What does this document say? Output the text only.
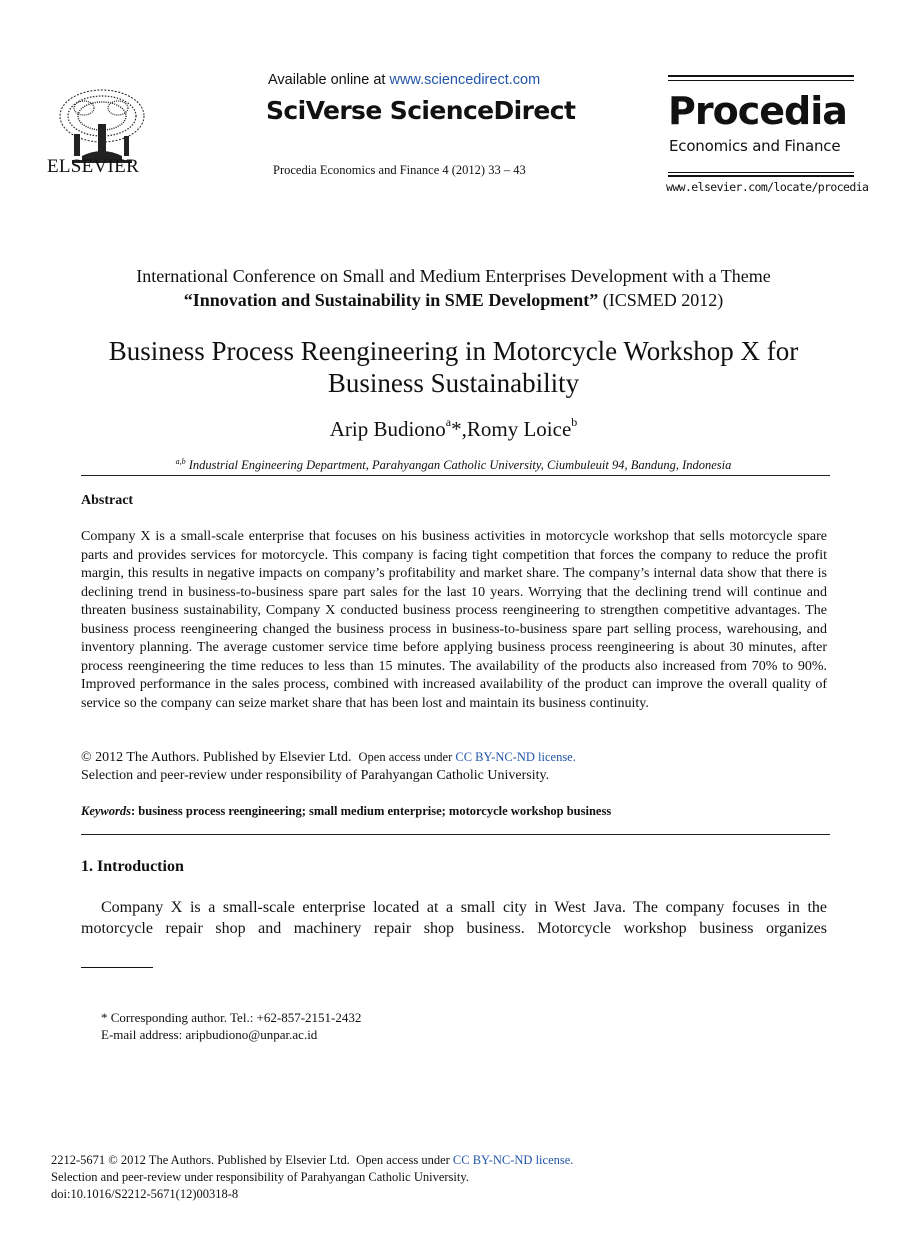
ELSEVIER
Available online at www.sciencedirect.com
SciVerse ScienceDirect
Procedia Economics and Finance 4 (2012) 33 – 43
Procedia
Economics and Finance
www.elsevier.com/locate/procedia
International Conference on Small and Medium Enterprises Development with a Theme
“Innovation and Sustainability in SME Development” (ICSMED 2012)
Business Process Reengineering in Motorcycle Workshop X for Business Sustainability
Arip Budiono$^a$*,Romy Loice$^b$
$^{a,b}$ Industrial Engineering Department, Parahyangan Catholic University, Ciumbuleuit 94, Bandung, Indonesia
Abstract
Company X is a small-scale enterprise that focuses on his business activities in motorcycle workshop that sells motorcycle spare parts and provides services for motorcycle. This company is facing tight competition that forces the company to reduce the profit margin, this results in negative impacts on company’s profitability and market share. The company’s internal data show that there is declining trend in business-to-business spare part sales for the last 10 years. Worrying that the declining trend will continue and threaten business sustainability, Company X conducted business process reengineering to strengthen competitive advantages. The business process reengineering changed the business process in business-to-business spare part selling process, warehousing, and inventory planning. The average customer service time before applying business process reengineering is about 30 minutes, after process reengineering the time reduces to less than 15 minutes. The availability of the products also increased from 70% to 90%. Improved performance in the sales process, combined with increased availability of the product can improve the overall quality of service so the company can seize market share that has been lost and maintain its business continuity.
© 2012 The Authors. Published by Elsevier Ltd. Open access under CC BY-NC-ND license.
Selection and peer-review under responsibility of Parahyangan Catholic University.
Keywords: business process reengineering; small medium enterprise; motorcycle workshop business
1. Introduction
Company X is a small-scale enterprise located at a small city in West Java. The company focuses in the motorcycle repair shop and machinery repair shop business. Motorcycle workshop business organizes
* Corresponding author. Tel.: +62-857-2151-2432
E-mail address: aripbudiono@unpar.ac.id
2212-5671 © 2012 The Authors. Published by Elsevier Ltd. Open access under CC BY-NC-ND license.
Selection and peer-review under responsibility of Parahyangan Catholic University.
doi:10.1016/S2212-5671(12)00318-8
